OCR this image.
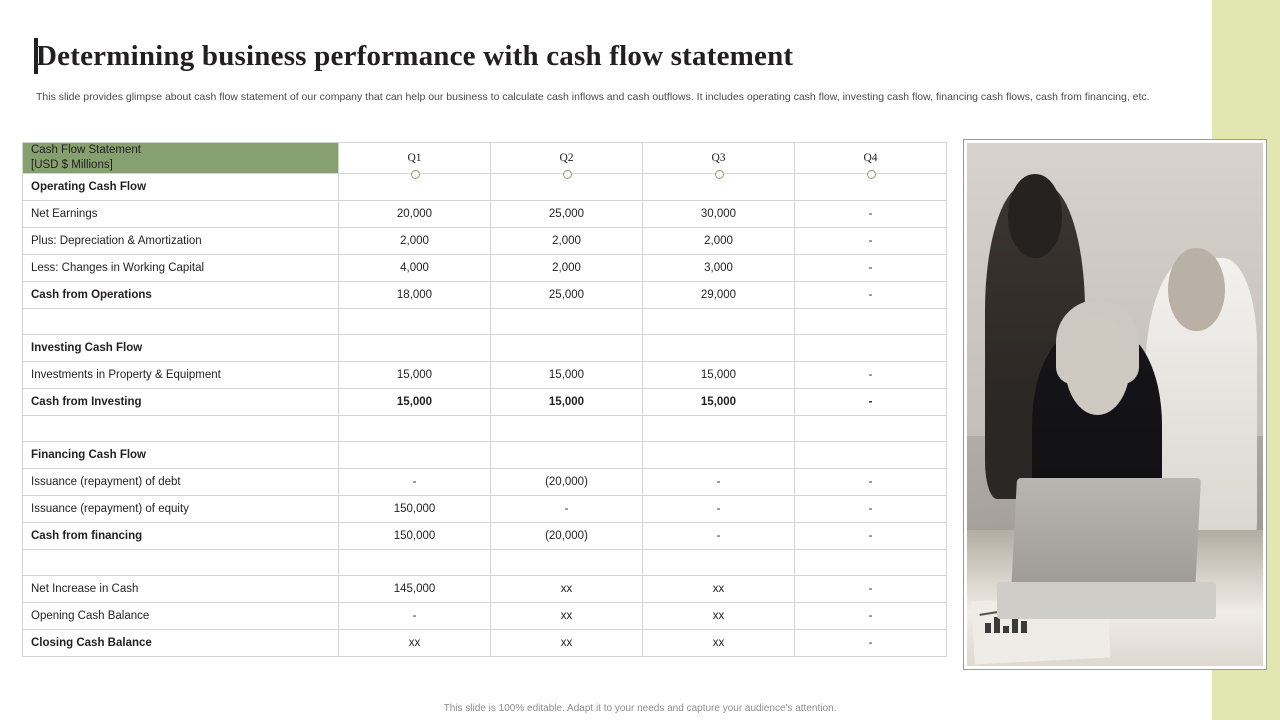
Determining business performance with cash flow statement
This slide provides glimpse about cash flow statement of our company that can help our business to calculate cash inflows and cash outflows. It includes operating cash flow, investing cash flow, financing cash flows, cash from financing, etc.
Cash Flow Statement
[USD $ Millions]	Q1	Q2	Q3	Q4

Operating Cash Flow				
Net Earnings	20,000	25,000	30,000	-
Plus: Depreciation & Amortization	2,000	2,000	2,000	-
Less: Changes in Working Capital	4,000	2,000	3,000	-
Cash from Operations	18,000	25,000	29,000	-

Investing Cash Flow				
Investments in Property & Equipment	15,000	15,000	15,000	-
Cash from Investing	15,000	15,000	15,000	-

Financing Cash Flow				
Issuance (repayment) of debt	-	(20,000)	-	-
Issuance (repayment) of equity	150,000	-	-	-
Cash from financing	150,000	(20,000)	-	-

Net Increase in Cash	145,000	xx	xx	-
Opening Cash Balance	-	xx	xx	-
Closing Cash Balance	xx	xx	xx	-
This slide is 100% editable. Adapt it to your needs and capture your audience's attention.
